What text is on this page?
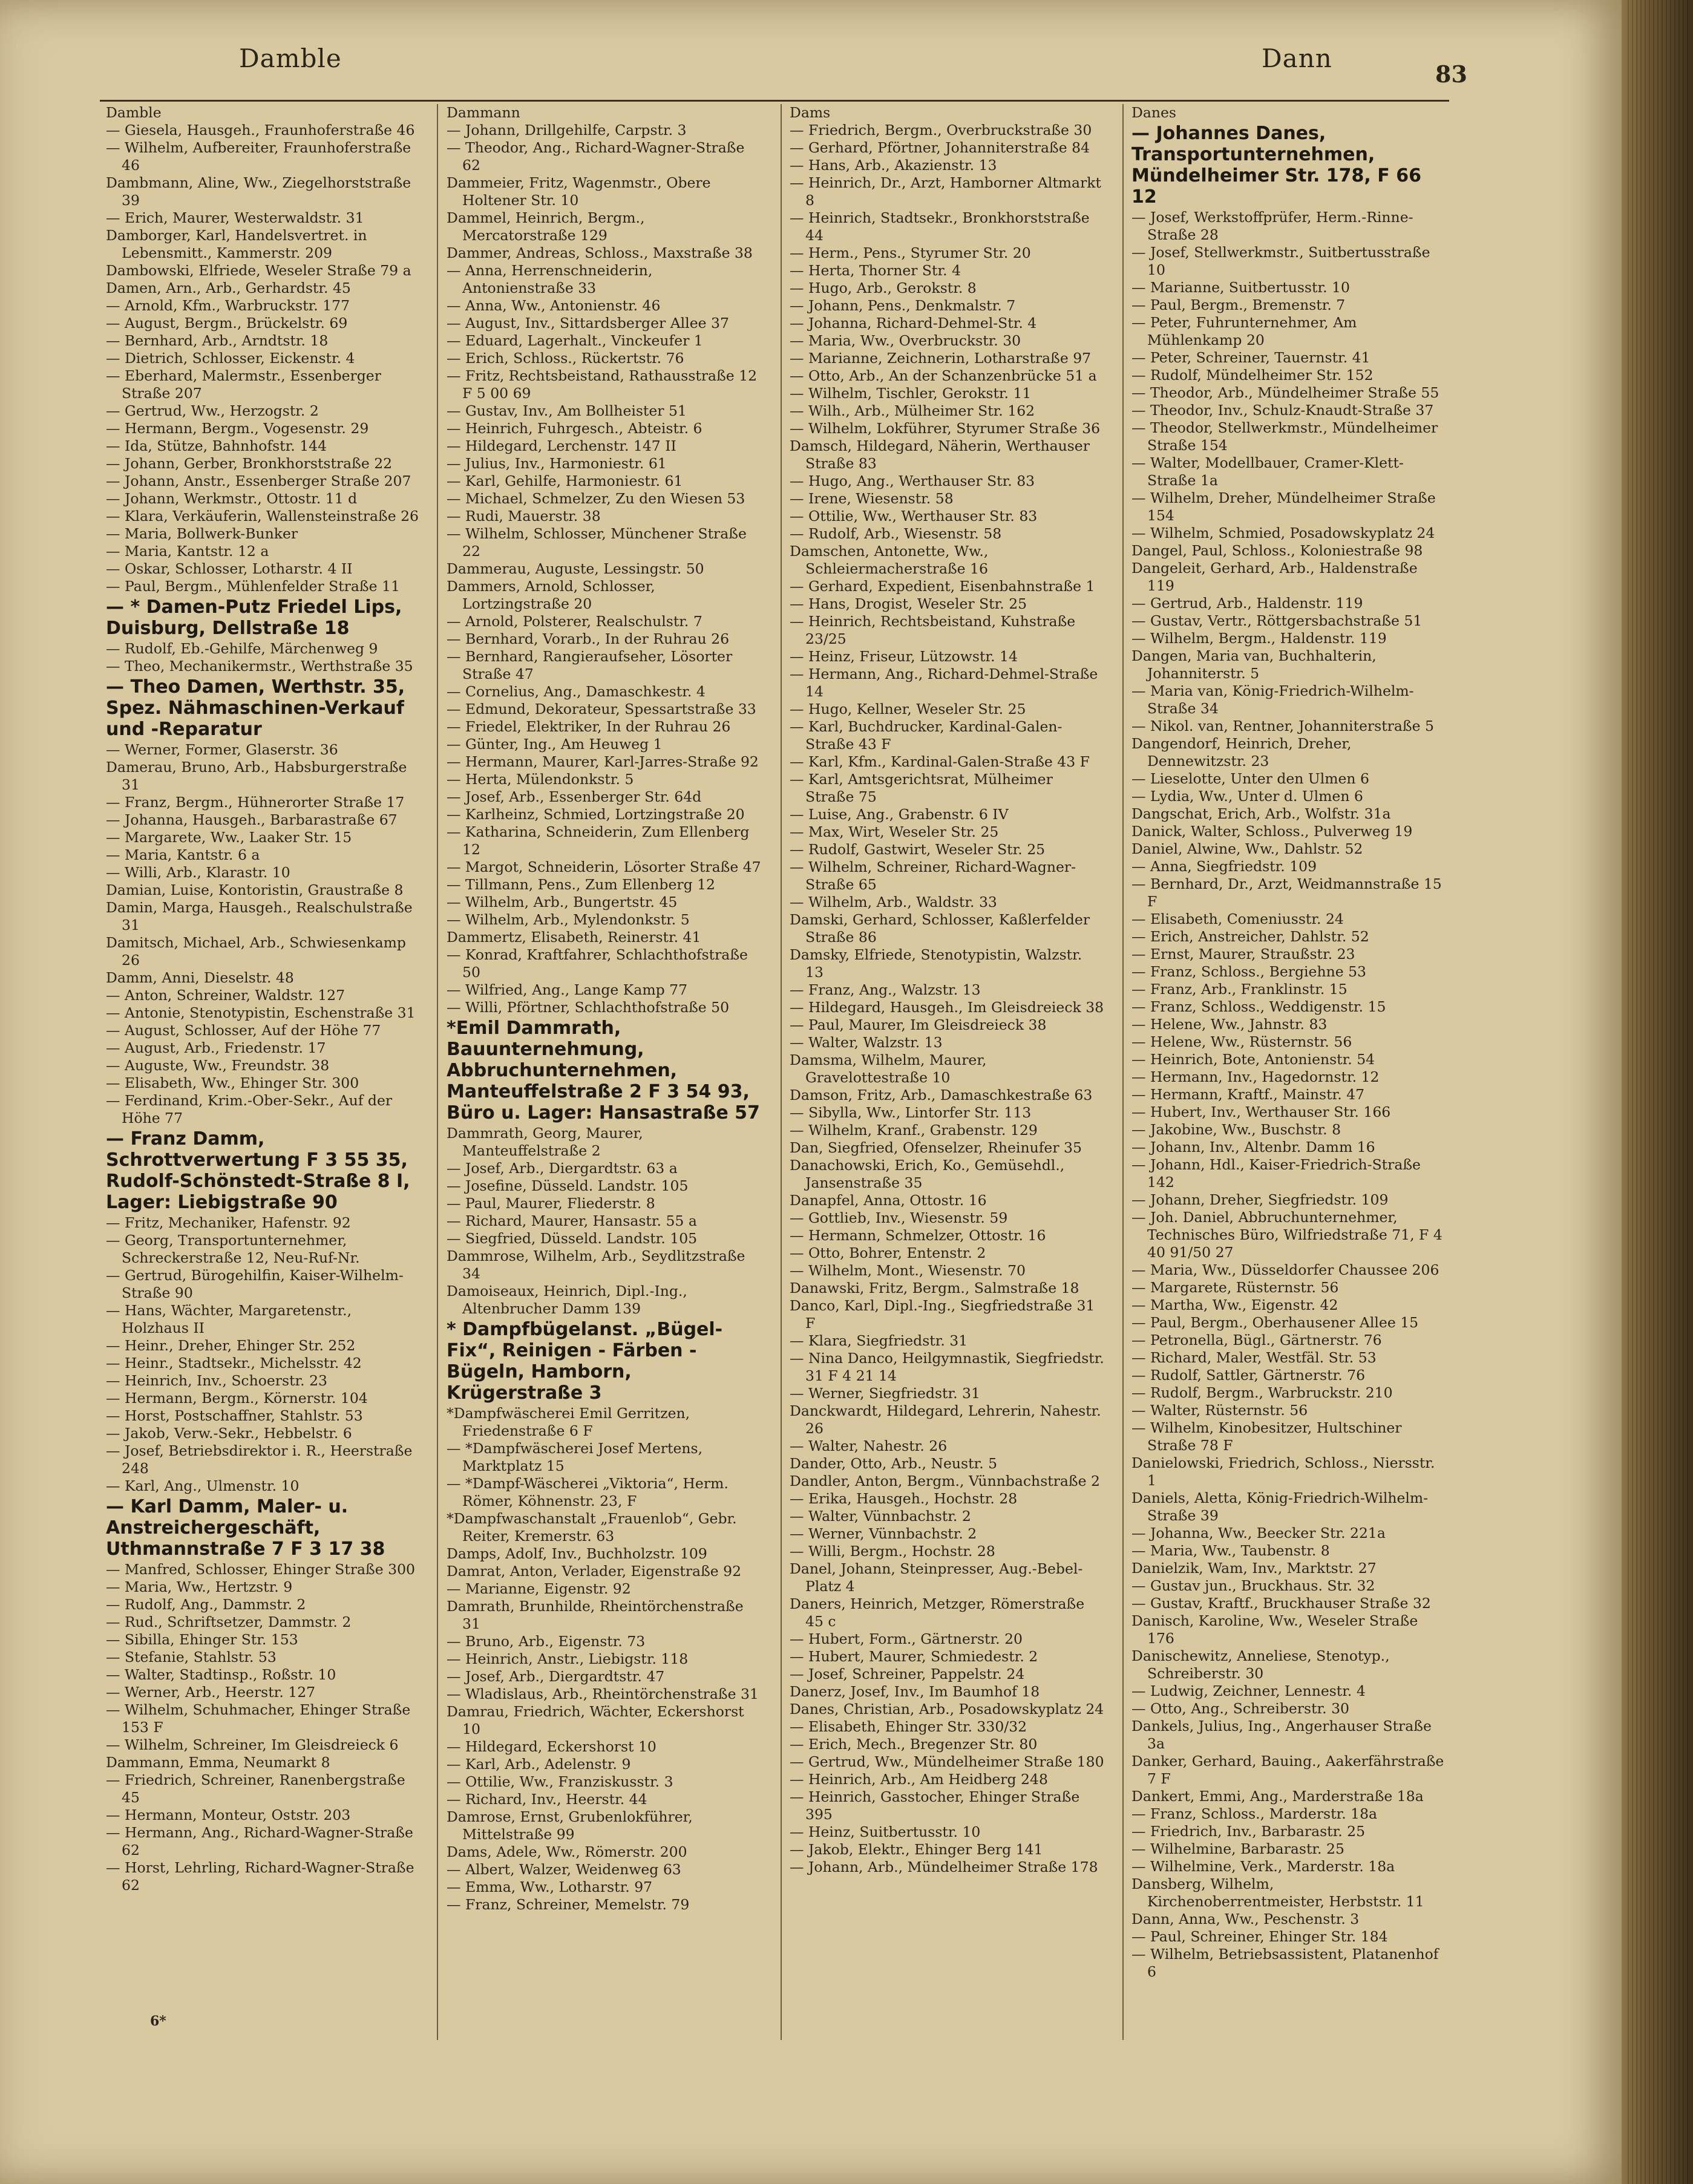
Damble	Dann
83

Damble

— Giesela, Hausgeh., Fraunhoferstraße 46

— Wilhelm, Aufbereiter, Fraunhoferstraße 46

Dambmann, Aline, Ww., Ziegelhorststraße 39

— Erich, Maurer, Westerwaldstr. 31

Damborger, Karl, Handelsvertret. in Lebensmitt., Kammerstr. 209

Dambowski, Elfriede, Weseler Straße 79 a

Damen, Arn., Arb., Gerhardstr. 45

— Arnold, Kfm., Warbruckstr. 177

— August, Bergm., Brückelstr. 69

— Bernhard, Arb., Arndtstr. 18

— Dietrich, Schlosser, Eickenstr. 4

— Eberhard, Malermstr., Essenberger Straße 207

— Gertrud, Ww., Herzogstr. 2

— Hermann, Bergm., Vogesenstr. 29

— Ida, Stütze, Bahnhofstr. 144

— Johann, Gerber, Bronkhorststraße 22

— Johann, Anstr., Essenberger Straße 207

— Johann, Werkmstr., Ottostr. 11 d

— Klara, Verkäuferin, Wallensteinstraße 26

— Maria, Bollwerk-Bunker

— Maria, Kantstr. 12 a

— Oskar, Schlosser, Lotharstr. 4 II

— Paul, Bergm., Mühlenfelder Straße 11

— * Damen-Putz Friedel Lips, Duisburg, Dellstraße 18

— Rudolf, Eb.-Gehilfe, Märchenweg 9

— Theo, Mechanikermstr., Werthstraße 35

— Theo Damen, Werthstr. 35, Spez. Nähmaschinen-Verkauf und -Reparatur

— Werner, Former, Glaserstr. 36

Damerau, Bruno, Arb., Habsburgerstraße 31

— Franz, Bergm., Hühnerorter Straße 17

— Johanna, Hausgeh., Barbarastraße 67

— Margarete, Ww., Laaker Str. 15

— Maria, Kantstr. 6 a

— Willi, Arb., Klarastr. 10

Damian, Luise, Kontoristin, Graustraße 8

Damin, Marga, Hausgeh., Realschulstraße 31

Damitsch, Michael, Arb., Schwiesenkamp 26

Damm, Anni, Dieselstr. 48

— Anton, Schreiner, Waldstr. 127

— Antonie, Stenotypistin, Eschenstraße 31

— August, Schlosser, Auf der Höhe 77

— August, Arb., Friedenstr. 17

— Auguste, Ww., Freundstr. 38

— Elisabeth, Ww., Ehinger Str. 300

— Ferdinand, Krim.-Ober-Sekr., Auf der Höhe 77

— Franz Damm, Schrottverwertung F 3 55 35, Rudolf-Schönstedt-Straße 8 I, Lager: Liebigstraße 90

— Fritz, Mechaniker, Hafenstr. 92

— Georg, Transportunternehmer, Schreckerstraße 12, Neu-Ruf-Nr.

— Gertrud, Bürogehilfin, Kaiser-Wilhelm-Straße 90

— Hans, Wächter, Margaretenstr., Holzhaus II

— Heinr., Dreher, Ehinger Str. 252

— Heinr., Stadtsekr., Michelsstr. 42

— Heinrich, Inv., Schoerstr. 23

— Hermann, Bergm., Körnerstr. 104

— Horst, Postschaffner, Stahlstr. 53

— Jakob, Verw.-Sekr., Hebbelstr. 6

— Josef, Betriebsdirektor i. R., Heerstraße 248

— Karl, Ang., Ulmenstr. 10

— Karl Damm, Maler- u. Anstreichergeschäft, Uthmannstraße 7 F 3 17 38

— Manfred, Schlosser, Ehinger Straße 300

— Maria, Ww., Hertzstr. 9

— Rudolf, Ang., Dammstr. 2

— Rud., Schriftsetzer, Dammstr. 2

— Sibilla, Ehinger Str. 153

— Stefanie, Stahlstr. 53

— Walter, Stadtinsp., Roßstr. 10

— Werner, Arb., Heerstr. 127

— Wilhelm, Schuhmacher, Ehinger Straße 153 F

— Wilhelm, Schreiner, Im Gleisdreieck 6

Dammann, Emma, Neumarkt 8

— Friedrich, Schreiner, Ranenbergstraße 45

— Hermann, Monteur, Oststr. 203

— Hermann, Ang., Richard-Wagner-Straße 62

— Horst, Lehrling, Richard-Wagner-Straße 62

Dammann

— Johann, Drillgehilfe, Carpstr. 3

— Theodor, Ang., Richard-Wagner-Straße 62

Dammeier, Fritz, Wagenmstr., Obere Holtener Str. 10

Dammel, Heinrich, Bergm., Mercatorstraße 129

Dammer, Andreas, Schloss., Maxstraße 38

— Anna, Herrenschneiderin, Antonienstraße 33

— Anna, Ww., Antonienstr. 46

— August, Inv., Sittardsberger Allee 37

— Eduard, Lagerhalt., Vinckeufer 1

— Erich, Schloss., Rückertstr. 76

— Fritz, Rechtsbeistand, Rathausstraße 12 F 5 00 69

— Gustav, Inv., Am Bollheister 51

— Heinrich, Fuhrgesch., Abteistr. 6

— Hildegard, Lerchenstr. 147 II

— Julius, Inv., Harmoniestr. 61

— Karl, Gehilfe, Harmoniestr. 61

— Michael, Schmelzer, Zu den Wiesen 53

— Rudi, Mauerstr. 38

— Wilhelm, Schlosser, Münchener Straße 22

Dammerau, Auguste, Lessingstr. 50

Dammers, Arnold, Schlosser, Lortzingstraße 20

— Arnold, Polsterer, Realschulstr. 7

— Bernhard, Vorarb., In der Ruhrau 26

— Bernhard, Rangieraufseher, Lösorter Straße 47

— Cornelius, Ang., Damaschkestr. 4

— Edmund, Dekorateur, Spessartstraße 33

— Friedel, Elektriker, In der Ruhrau 26

— Günter, Ing., Am Heuweg 1

— Hermann, Maurer, Karl-Jarres-Straße 92

— Herta, Mülendonkstr. 5

— Josef, Arb., Essenberger Str. 64d

— Karlheinz, Schmied, Lortzingstraße 20

— Katharina, Schneiderin, Zum Ellenberg 12

— Margot, Schneiderin, Lösorter Straße 47

— Tillmann, Pens., Zum Ellenberg 12

— Wilhelm, Arb., Bungertstr. 45

— Wilhelm, Arb., Mylendonkstr. 5

Dammertz, Elisabeth, Reinerstr. 41

— Konrad, Kraftfahrer, Schlachthofstraße 50

— Wilfried, Ang., Lange Kamp 77

— Willi, Pförtner, Schlachthofstraße 50

*Emil Dammrath, Bauunternehmung, Abbruchunternehmen, Manteuffelstraße 2 F 3 54 93, Büro u. Lager: Hansastraße 57

Dammrath, Georg, Maurer, Manteuffelstraße 2

— Josef, Arb., Diergardtstr. 63 a

— Josefine, Düsseld. Landstr. 105

— Paul, Maurer, Fliederstr. 8

— Richard, Maurer, Hansastr. 55 a

— Siegfried, Düsseld. Landstr. 105

Dammrose, Wilhelm, Arb., Seydlitzstraße 34

Damoiseaux, Heinrich, Dipl.-Ing., Altenbrucher Damm 139

* Dampfbügelanst. „Bügel-Fix“, Reinigen - Färben - Bügeln, Hamborn, Krügerstraße 3

*Dampfwäscherei Emil Gerritzen, Friedenstraße 6 F

— *Dampfwäscherei Josef Mertens, Marktplatz 15

— *Dampf-Wäscherei „Viktoria“, Herm. Römer, Köhnenstr. 23, F

*Dampfwaschanstalt „Frauenlob“, Gebr. Reiter, Kremerstr. 63

Damps, Adolf, Inv., Buchholzstr. 109

Damrat, Anton, Verlader, Eigenstraße 92

— Marianne, Eigenstr. 92

Damrath, Brunhilde, Rheintörchenstraße 31

— Bruno, Arb., Eigenstr. 73

— Heinrich, Anstr., Liebigstr. 118

— Josef, Arb., Diergardtstr. 47

— Wladislaus, Arb., Rheintörchenstraße 31

Damrau, Friedrich, Wächter, Eckershorst 10

— Hildegard, Eckershorst 10

— Karl, Arb., Adelenstr. 9

— Ottilie, Ww., Franziskusstr. 3

— Richard, Inv., Heerstr. 44

Damrose, Ernst, Grubenlokführer, Mittelstraße 99

Dams, Adele, Ww., Römerstr. 200

— Albert, Walzer, Weidenweg 63

— Emma, Ww., Lotharstr. 97

— Franz, Schreiner, Memelstr. 79

Dams

— Friedrich, Bergm., Overbruckstraße 30

— Gerhard, Pförtner, Johanniterstraße 84

— Hans, Arb., Akazienstr. 13

— Heinrich, Dr., Arzt, Hamborner Altmarkt 8

— Heinrich, Stadtsekr., Bronkhorststraße 44

— Herm., Pens., Styrumer Str. 20

— Herta, Thorner Str. 4

— Hugo, Arb., Gerokstr. 8

— Johann, Pens., Denkmalstr. 7

— Johanna, Richard-Dehmel-Str. 4

— Maria, Ww., Overbruckstr. 30

— Marianne, Zeichnerin, Lotharstraße 97

— Otto, Arb., An der Schanzenbrücke 51 a

— Wilhelm, Tischler, Gerokstr. 11

— Wilh., Arb., Mülheimer Str. 162

— Wilhelm, Lokführer, Styrumer Straße 36

Damsch, Hildegard, Näherin, Werthauser Straße 83

— Hugo, Ang., Werthauser Str. 83

— Irene, Wiesenstr. 58

— Ottilie, Ww., Werthauser Str. 83

— Rudolf, Arb., Wiesenstr. 58

Damschen, Antonette, Ww., Schleiermacherstraße 16

— Gerhard, Expedient, Eisenbahnstraße 1

— Hans, Drogist, Weseler Str. 25

— Heinrich, Rechtsbeistand, Kuhstraße 23/25

— Heinz, Friseur, Lützowstr. 14

— Hermann, Ang., Richard-Dehmel-Straße 14

— Hugo, Kellner, Weseler Str. 25

— Karl, Buchdrucker, Kardinal-Galen-Straße 43 F

— Karl, Kfm., Kardinal-Galen-Straße 43 F

— Karl, Amtsgerichtsrat, Mülheimer Straße 75

— Luise, Ang., Grabenstr. 6 IV

— Max, Wirt, Weseler Str. 25

— Rudolf, Gastwirt, Weseler Str. 25

— Wilhelm, Schreiner, Richard-Wagner-Straße 65

— Wilhelm, Arb., Waldstr. 33

Damski, Gerhard, Schlosser, Kaßlerfelder Straße 86

Damsky, Elfriede, Stenotypistin, Walzstr. 13

— Franz, Ang., Walzstr. 13

— Hildegard, Hausgeh., Im Gleisdreieck 38

— Paul, Maurer, Im Gleisdreieck 38

— Walter, Walzstr. 13

Damsma, Wilhelm, Maurer, Gravelottestraße 10

Damson, Fritz, Arb., Damaschkestraße 63

— Sibylla, Ww., Lintorfer Str. 113

— Wilhelm, Kranf., Grabenstr. 129

Dan, Siegfried, Ofenselzer, Rheinufer 35

Danachowski, Erich, Ko., Gemüsehdl., Jansenstraße 35

Danapfel, Anna, Ottostr. 16

— Gottlieb, Inv., Wiesenstr. 59

— Hermann, Schmelzer, Ottostr. 16

— Otto, Bohrer, Entenstr. 2

— Wilhelm, Mont., Wiesenstr. 70

Danawski, Fritz, Bergm., Salmstraße 18

Danco, Karl, Dipl.-Ing., Siegfriedstraße 31 F

— Klara, Siegfriedstr. 31

— Nina Danco, Heilgymnastik, Siegfriedstr. 31 F 4 21 14

— Werner, Siegfriedstr. 31

Danckwardt, Hildegard, Lehrerin, Nahestr. 26

— Walter, Nahestr. 26

Dander, Otto, Arb., Neustr. 5

Dandler, Anton, Bergm., Vünnbachstraße 2

— Erika, Hausgeh., Hochstr. 28

— Walter, Vünnbachstr. 2

— Werner, Vünnbachstr. 2

— Willi, Bergm., Hochstr. 28

Danel, Johann, Steinpresser, Aug.-Bebel-Platz 4

Daners, Heinrich, Metzger, Römerstraße 45 c

— Hubert, Form., Gärtnerstr. 20

— Hubert, Maurer, Schmiedestr. 2

— Josef, Schreiner, Pappelstr. 24

Danerz, Josef, Inv., Im Baumhof 18

Danes, Christian, Arb., Posadowskyplatz 24

— Elisabeth, Ehinger Str. 330/32

— Erich, Mech., Bregenzer Str. 80

— Gertrud, Ww., Mündelheimer Straße 180

— Heinrich, Arb., Am Heidberg 248

— Heinrich, Gasstocher, Ehinger Straße 395

— Heinz, Suitbertusstr. 10

— Jakob, Elektr., Ehinger Berg 141

— Johann, Arb., Mündelheimer Straße 178

Danes

— Johannes Danes, Transportunternehmen, Mündelheimer Str. 178, F 66 12

— Josef, Werkstoffprüfer, Herm.-Rinne-Straße 28

— Josef, Stellwerkmstr., Suitbertusstraße 10

— Marianne, Suitbertusstr. 10

— Paul, Bergm., Bremenstr. 7

— Peter, Fuhrunternehmer, Am Mühlenkamp 20

— Peter, Schreiner, Tauernstr. 41

— Rudolf, Mündelheimer Str. 152

— Theodor, Arb., Mündelheimer Straße 55

— Theodor, Inv., Schulz-Knaudt-Straße 37

— Theodor, Stellwerkmstr., Mündelheimer Straße 154

— Walter, Modellbauer, Cramer-Klett-Straße 1a

— Wilhelm, Dreher, Mündelheimer Straße 154

— Wilhelm, Schmied, Posadowskyplatz 24

Dangel, Paul, Schloss., Koloniestraße 98

Dangeleit, Gerhard, Arb., Haldenstraße 119

— Gertrud, Arb., Haldenstr. 119

— Gustav, Vertr., Röttgersbachstraße 51

— Wilhelm, Bergm., Haldenstr. 119

Dangen, Maria van, Buchhalterin, Johanniterstr. 5

— Maria van, König-Friedrich-Wilhelm-Straße 34

— Nikol. van, Rentner, Johanniterstraße 5

Dangendorf, Heinrich, Dreher, Dennewitzstr. 23

— Lieselotte, Unter den Ulmen 6

— Lydia, Ww., Unter d. Ulmen 6

Dangschat, Erich, Arb., Wolfstr. 31a

Danick, Walter, Schloss., Pulverweg 19

Daniel, Alwine, Ww., Dahlstr. 52

— Anna, Siegfriedstr. 109

— Bernhard, Dr., Arzt, Weidmannstraße 15 F

— Elisabeth, Comeniusstr. 24

— Erich, Anstreicher, Dahlstr. 52

— Ernst, Maurer, Straußstr. 23

— Franz, Schloss., Bergiehne 53

— Franz, Arb., Franklinstr. 15

— Franz, Schloss., Weddigenstr. 15

— Helene, Ww., Jahnstr. 83

— Helene, Ww., Rüsternstr. 56

— Heinrich, Bote, Antonienstr. 54

— Hermann, Inv., Hagedornstr. 12

— Hermann, Kraftf., Mainstr. 47

— Hubert, Inv., Werthauser Str. 166

— Jakobine, Ww., Buschstr. 8

— Johann, Inv., Altenbr. Damm 16

— Johann, Hdl., Kaiser-Friedrich-Straße 142

— Johann, Dreher, Siegfriedstr. 109

— Joh. Daniel, Abbruchunternehmer, Technisches Büro, Wilfriedstraße 71, F 4 40 91/50 27

— Maria, Ww., Düsseldorfer Chaussee 206

— Margarete, Rüsternstr. 56

— Martha, Ww., Eigenstr. 42

— Paul, Bergm., Oberhausener Allee 15

— Petronella, Bügl., Gärtnerstr. 76

— Richard, Maler, Westfäl. Str. 53

— Rudolf, Sattler, Gärtnerstr. 76

— Rudolf, Bergm., Warbruckstr. 210

— Walter, Rüsternstr. 56

— Wilhelm, Kinobesitzer, Hultschiner Straße 78 F

Danielowski, Friedrich, Schloss., Niersstr. 1

Daniels, Aletta, König-Friedrich-Wilhelm-Straße 39

— Johanna, Ww., Beecker Str. 221a

— Maria, Ww., Taubenstr. 8

Danielzik, Wam, Inv., Marktstr. 27

— Gustav jun., Bruckhaus. Str. 32

— Gustav, Kraftf., Bruckhauser Straße 32

Danisch, Karoline, Ww., Weseler Straße 176

Danischewitz, Anneliese, Stenotyp., Schreiberstr. 30

— Ludwig, Zeichner, Lennestr. 4

— Otto, Ang., Schreiberstr. 30

Dankels, Julius, Ing., Angerhauser Straße 3a

Danker, Gerhard, Bauing., Aakerfährstraße 7 F

Dankert, Emmi, Ang., Marderstraße 18a

— Franz, Schloss., Marderstr. 18a

— Friedrich, Inv., Barbarastr. 25

— Wilhelmine, Barbarastr. 25

— Wilhelmine, Verk., Marderstr. 18a

Dansberg, Wilhelm, Kirchenoberrentmeister, Herbststr. 11

Dann, Anna, Ww., Peschenstr. 3

— Paul, Schreiner, Ehinger Str. 184

— Wilhelm, Betriebsassistent, Platanenhof 6

6*
